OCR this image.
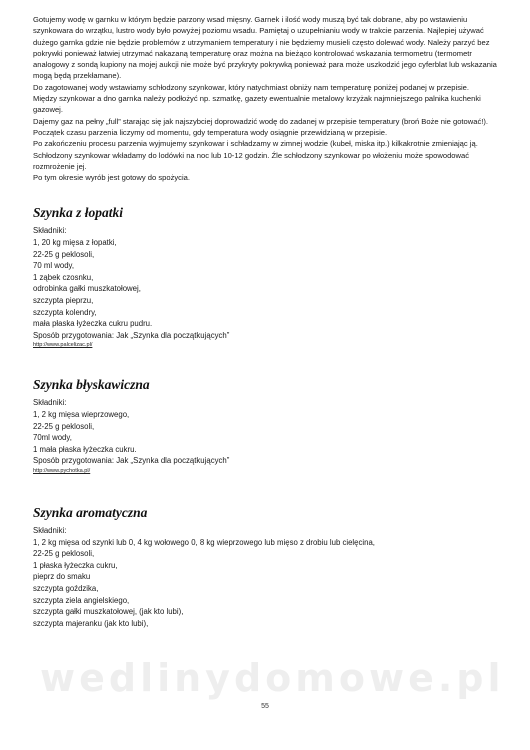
wedlinydomowe.pl

Gotujemy wodę w garnku w którym będzie parzony wsad mięsny. Garnek i ilość wody muszą być tak dobrane, aby po wstawieniu szynkowara do wrzątku, lustro wody było powyżej poziomu wsadu. Pamiętaj o uzupełnianiu wody w trakcie parzenia. Najlepiej używać dużego garnka gdzie nie będzie problemów z utrzymaniem temperatury i nie będziemy musieli często dolewać wody. Należy parzyć bez pokrywki ponieważ łatwiej utrzymać nakazaną temperaturę oraz można na bieżąco kontrolować wskazania termometru (termometr analogowy z sondą kupiony na mojej aukcji nie może być przykryty pokrywką ponieważ para może uszkodzić jego cyferblat lub wskazania mogą będą przekłamane).

Do zagotowanej wody wstawiamy schłodzony szynkowar, który natychmiast obniży nam temperaturę poniżej podanej w przepisie.

Między szynkowar a dno garnka należy podłożyć np. szmatkę, gazety ewentualnie metalowy krzyżak najmniejszego palnika kuchenki gazowej.

Dajemy gaz na pełny „full” starając się jak najszybciej doprowadzić wodę do zadanej w przepisie temperatury (broń Boże nie gotować!).

Początek czasu parzenia liczymy od momentu, gdy temperatura wody osiągnie przewidzianą w przepisie.

Po zakończeniu procesu parzenia wyjmujemy szynkowar i schładzamy w zimnej wodzie (kubeł, miska itp.) kilkakrotnie zmieniając ją. Schłodzony szynkowar wkładamy do lodówki na noc lub 10-12 godzin. Źle schłodzony szynkowar po włożeniu może spowodować rozmrożenie jej.

Po tym okresie wyrób jest gotowy do spożycia.

Szynka z łopatki
Składniki:
1, 20 kg mięsa z łopatki,
22-25 g peklosoli,
70 ml wody,
1 ząbek czosnku,
odrobinka gałki muszkatołowej,
szczypta pieprzu,
szczypta kolendry,
mała płaska łyżeczka cukru pudru.
Sposób przygotowania: Jak „Szynka dla początkujących”
http://www.palcelizac.pl/
Szynka błyskawiczna
Składniki:
1, 2 kg mięsa wieprzowego,
22-25 g peklosoli,
70ml wody,
1 mała płaska łyżeczka cukru.
Sposób przygotowania: Jak „Szynka dla początkujących”
http://www.pychotka.pl/
Szynka aromatyczna
Składniki:
1, 2 kg mięsa od szynki lub 0, 4 kg wołowego 0, 8 kg wieprzowego lub mięso z drobiu lub cielęcina,
22-25 g peklosoli,
1 płaska łyżeczka cukru,
pieprz do smaku
szczypta goździka,
szczypta ziela angielskiego,
szczypta gałki muszkatołowej, (jak kto lubi),
szczypta majeranku (jak kto lubi),
55
